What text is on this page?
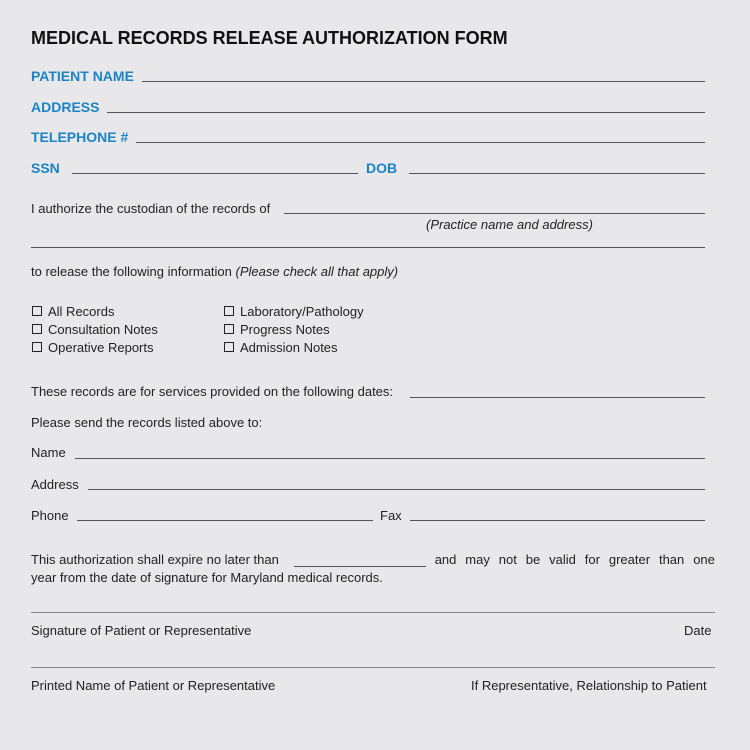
MEDICAL RECORDS RELEASE AUTHORIZATION FORM
PATIENT NAME
ADDRESS
TELEPHONE #
SSN	DOB
I authorize the custodian of the records of
(Practice name and address)
to release the following information (Please check all that apply)
All Records
Consultation Notes
Operative Reports
Laboratory/Pathology
Progress Notes
Admission Notes
These records are for services provided on the following dates:
Please send the records listed above to:
Name
Address
Phone	Fax
This authorization shall expire no later than	and may not be valid for greater than one
year from the date of signature for Maryland medical records.
Signature of Patient or Representative	Date
Printed Name of Patient or Representative	If Representative, Relationship to Patient
